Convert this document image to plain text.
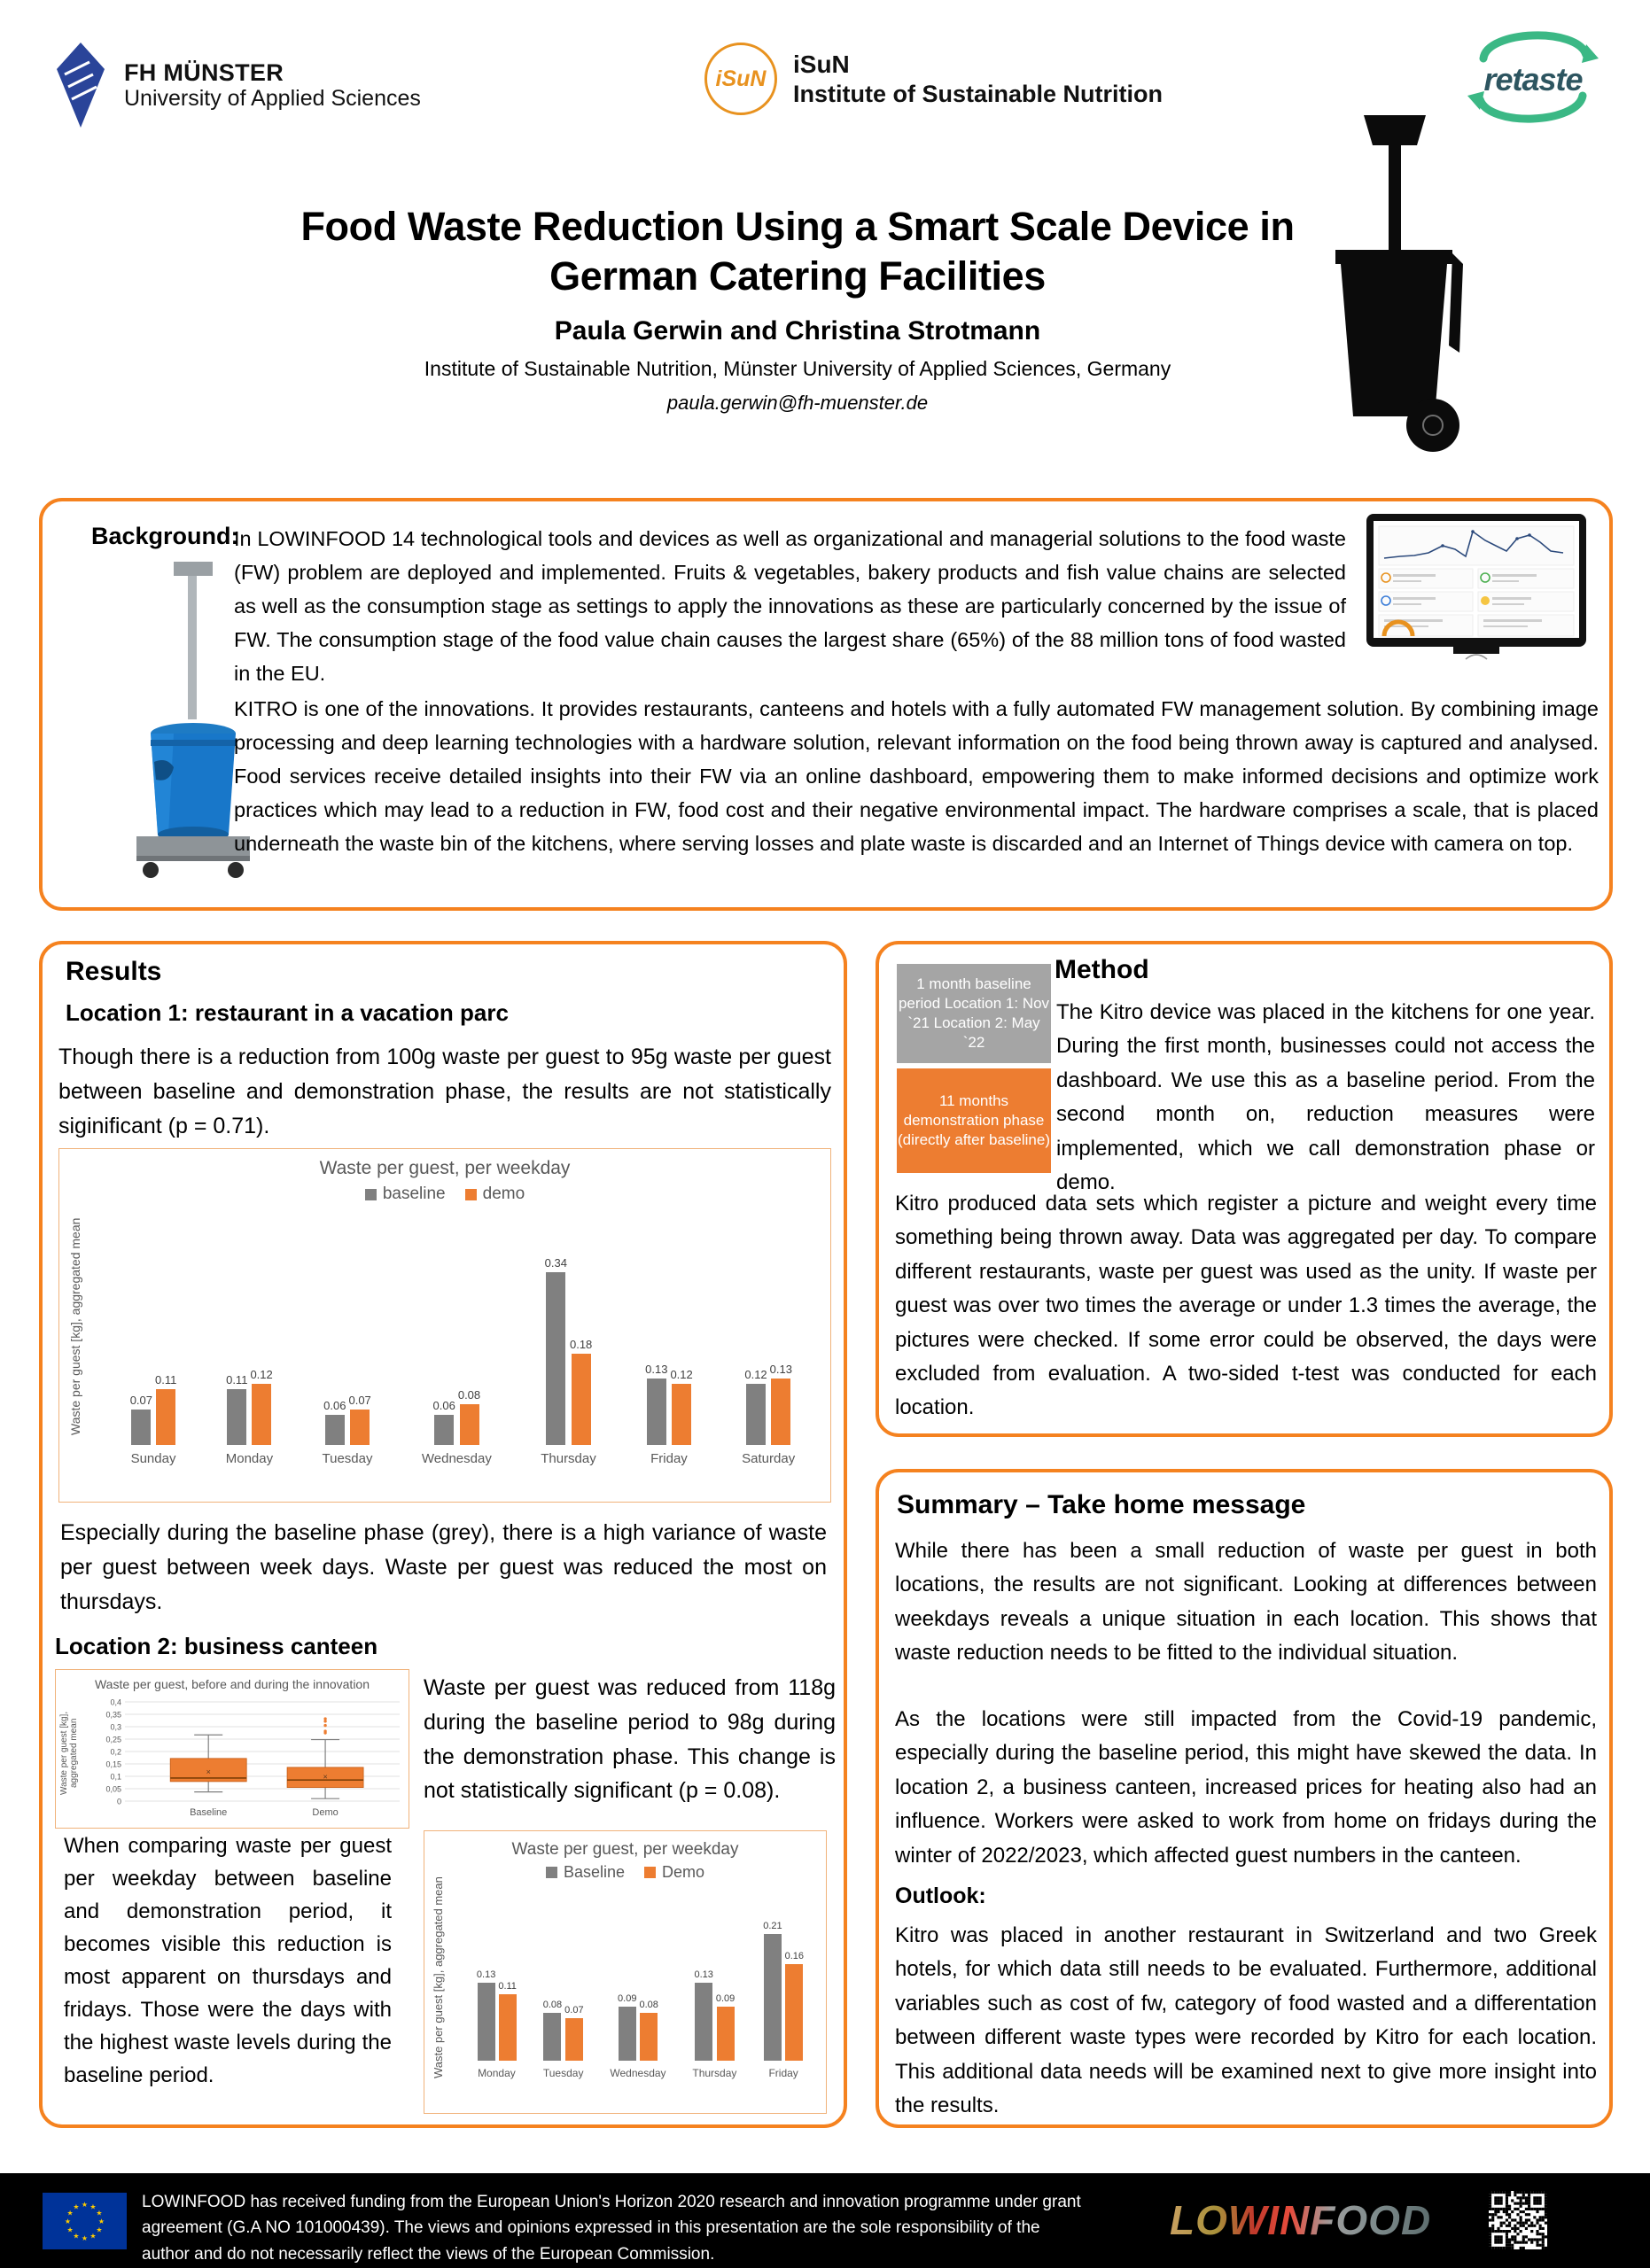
FH MÜNSTER
University of Applied Sciences
iSuN
iSuN
Institute of Sustainable Nutrition	retaste
Food Waste Reduction Using a Smart Scale Device in German Catering Facilities
Paula Gerwin and Christina Strotmann
Institute of Sustainable Nutrition, Münster University of Applied Sciences, Germany
paula.gerwin@fh-muenster.de
Background:
In LOWINFOOD 14 technological tools and devices as well as organizational and managerial solutions to the food waste (FW) problem are deployed and implemented. Fruits & vegetables, bakery products and fish value chains are selected as well as the consumption stage as settings to apply the innovations as these are particularly concerned by the issue of FW. The consumption stage of the food value chain causes the largest share (65%) of the 88 million tons of food wasted in the EU.
KITRO is one of the innovations. It provides restaurants, canteens and hotels with a fully automated FW management solution. By combining image processing and deep learning technologies with a hardware solution, relevant information on the food being thrown away is captured and analysed. Food services receive detailed insights into their FW via an online dashboard, empowering them to make informed decisions and optimize work practices which may lead to a reduction in FW, food cost and their negative environmental impact. The hardware comprises a scale, that is placed underneath the waste bin of the kitchens, where serving losses and plate waste is discarded and an Internet of Things device with camera on top.
Results
Location 1: restaurant in a vacation parc
Though there is a reduction from 100g waste per guest to 95g waste per guest between baseline and demonstration phase, the results are not statistically siginificant (p = 0.71).
Waste per guest, per weekday
baseline demo
Waste per guest [kg], aggregated mean	0.07
0.11
Sunday
0.11 0.12
Monday
0.06 0.07
Tuesday
0.06
0.08
Wednesday
0.34
0.18
Thursday
0.13 0.12
Friday
0.12 0.13
Saturday
Especially during the baseline phase (grey), there is a high variance of waste per guest between week days. Waste per guest was reduced the most on thursdays.
Location 2: business canteen
Waste per guest, before and during the innovation
Waste per guest [kg], aggregated mean
0
0,05
0,1
0,15
0,2
0,25
0,3
0,35
0,4
×
Baseline
×
Demo
When comparing waste per guest per weekday between baseline and demonstration period, it becomes visible this reduction is most apparent on thursdays and fridays. Those were the days with the highest waste levels during the baseline period.
Waste per guest was reduced from 118g during the baseline period to 98g during the demonstration phase. This change is not statistically significant (p = 0.08).
Waste per guest, per weekday
Baseline Demo
Waste per guest [kg], aggregated mean	0.13
0.11
Monday
0.08
0.07
Tuesday
0.09
0.08
Wednesday
0.13
0.09
Thursday
0.21
0.16
Friday
Method
1 month baseline period Location 1: Nov `21 Location 2: May `22
11 months demonstration phase (directly after baseline)
The Kitro device was placed in the kitchens for one year. During the first month, businesses could not access the dashboard. We use this as a baseline period. From the second month on, reduction measures were implemented, which we call demonstration phase or demo.
Kitro produced data sets which register a picture and weight every time something being thrown away. Data was aggregated per day. To compare different restaurants, waste per guest was used as the unity. If waste per guest was over two times the average or under 1.3 times the average, the pictures were checked. If some error could be observed, the days were excluded from evaluation. A two-sided t-test was conducted for each location.
Summary – Take home message
While there has been a small reduction of waste per guest in both locations, the results are not significant. Looking at differences between weekdays reveals a unique situation in each location. This shows that waste reduction needs to be fitted to the individual situation.
As the locations were still impacted from the Covid-19 pandemic, especially during the baseline period, this might have skewed the data. In location 2, a business canteen, increased prices for heating also had an influence. Workers were asked to work from home on fridays during the winter of 2022/2023, which affected guest numbers in the canteen.
Outlook:
Kitro was placed in another restaurant in Switzerland and two Greek hotels, for which data still needs to be evaluated. Furthermore, additional variables such as cost of fw, category of food wasted and a differentation between different waste types were recorded by Kitro for each location. This additional data needs will be examined next to give more insight into the results.
★ ★
★
★
★
★
★
★
★
★
★
★	LOWINFOOD has received funding from the European Union's Horizon 2020 research and innovation programme under grant agreement (G.A NO 101000439). The views and opinions expressed in this presentation are the sole responsibility of the author and do not necessarily reflect the views of the European Commission.
LOWINFOOD
